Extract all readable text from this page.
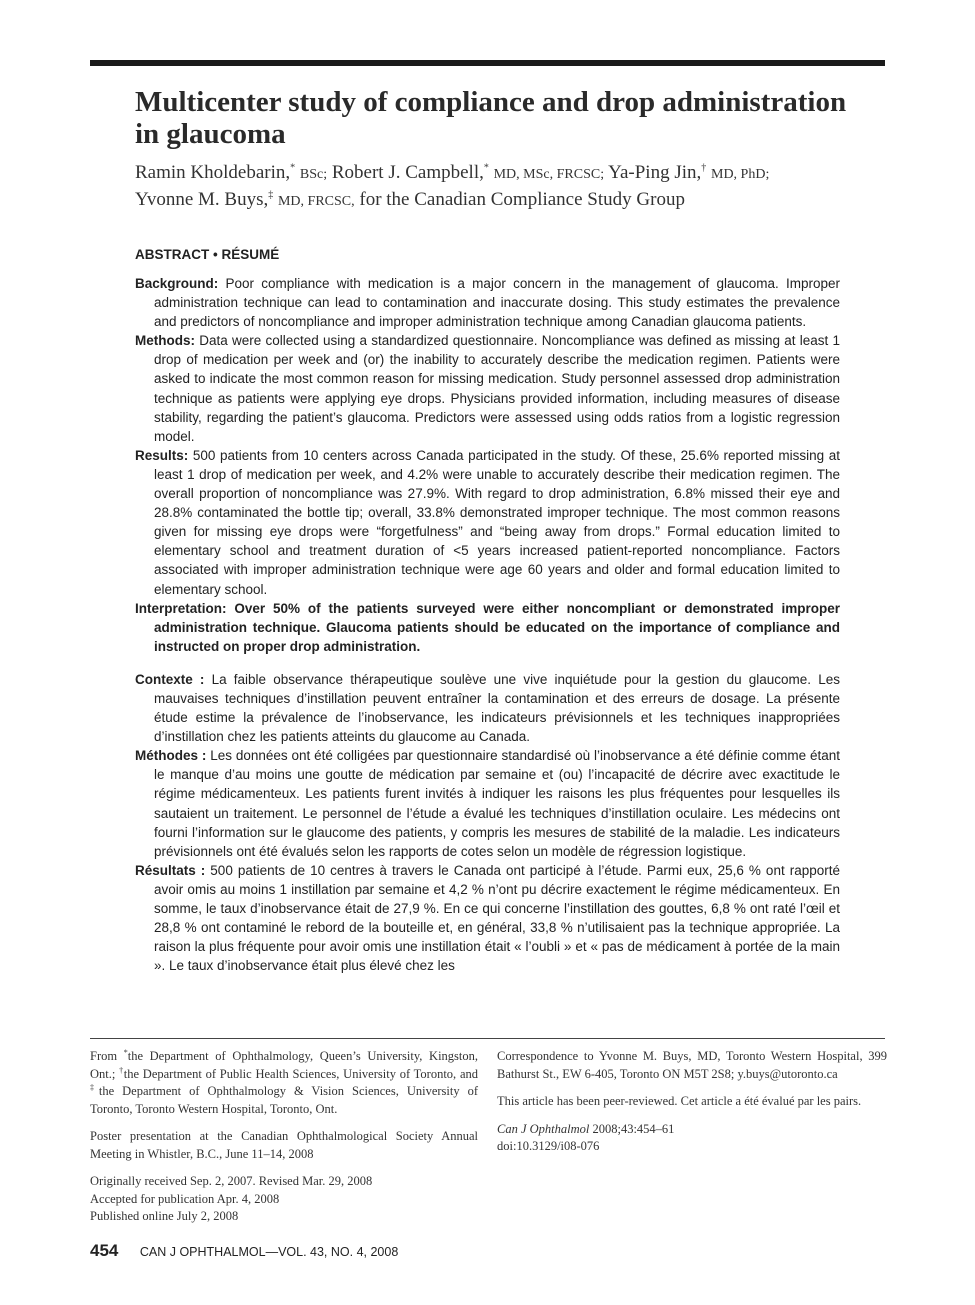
Multicenter study of compliance and drop administration in glaucoma
Ramin Kholdebarin,* BSc; Robert J. Campbell,* MD, MSc, FRCSC; Ya-Ping Jin,† MD, PhD;
Yvonne M. Buys,‡ MD, FRCSC, for the Canadian Compliance Study Group
ABSTRACT • RÉSUMÉ

Background: Poor compliance with medication is a major concern in the management of glaucoma. Improper administration technique can lead to contamination and inaccurate dosing. This study estimates the prevalence and predictors of noncompliance and improper administration technique among Canadian glaucoma patients.

Methods: Data were collected using a standardized questionnaire. Noncompliance was defined as missing at least 1 drop of medication per week and (or) the inability to accurately describe the medication regimen. Patients were asked to indicate the most common reason for missing medication. Study personnel assessed drop administration technique as patients were applying eye drops. Physicians provided information, including measures of disease stability, regarding the patient’s glaucoma. Predictors were assessed using odds ratios from a logistic regression model.

Results: 500 patients from 10 centers across Canada participated in the study. Of these, 25.6% reported missing at least 1 drop of medication per week, and 4.2% were unable to accurately describe their medication regimen. The overall proportion of noncompliance was 27.9%. With regard to drop administration, 6.8% missed their eye and 28.8% contaminated the bottle tip; overall, 33.8% demonstrated improper technique. The most common reasons given for missing eye drops were “forgetfulness” and “being away from drops.” Formal education limited to elementary school and treatment duration of <5 years increased patient-reported noncompliance. Factors associated with improper administration technique were age 60 years and older and formal education limited to elementary school.

Interpretation: Over 50% of the patients surveyed were either noncompliant or demonstrated improper administration technique. Glaucoma patients should be educated on the importance of compliance and instructed on proper drop administration.

Contexte : La faible observance thérapeutique soulève une vive inquiétude pour la gestion du glaucome. Les mauvaises techniques d’instillation peuvent entraîner la contamination et des erreurs de dosage. La présente étude estime la prévalence de l’inobservance, les indicateurs prévisionnels et les techniques inappropriées d’instillation chez les patients atteints du glaucome au Canada.

Méthodes : Les données ont été colligées par questionnaire standardisé où l’inobservance a été définie comme étant le manque d’au moins une goutte de médication par semaine et (ou) l’incapacité de décrire avec exactitude le régime médicamenteux. Les patients furent invités à indiquer les raisons les plus fréquentes pour lesquelles ils sautaient un traitement. Le personnel de l’étude a évalué les techniques d’instillation oculaire. Les médecins ont fourni l’information sur le glaucome des patients, y compris les mesures de stabilité de la maladie. Les indicateurs prévisionnels ont été évalués selon les rapports de cotes selon un modèle de régression logistique.

Résultats : 500 patients de 10 centres à travers le Canada ont participé à l’étude. Parmi eux, 25,6 % ont rapporté avoir omis au moins 1 instillation par semaine et 4,2 % n’ont pu décrire exactement le régime médicamenteux. En somme, le taux d’inobservance était de 27,9 %. En ce qui concerne l’instillation des gouttes, 6,8 % ont raté l’œil et 28,8 % ont contaminé le rebord de la bouteille et, en général, 33,8 % n’utilisaient pas la technique appropriée. La raison la plus fréquente pour avoir omis une instillation était « l’oubli » et « pas de médicament à portée de la main ». Le taux d’inobservance était plus élevé chez les

From *the Department of Ophthalmology, Queen’s University, Kingston, Ont.; †the Department of Public Health Sciences, University of Toronto, and ‡the Department of Ophthalmology & Vision Sciences, University of Toronto, Toronto Western Hospital, Toronto, Ont.

Poster presentation at the Canadian Ophthalmological Society Annual Meeting in Whistler, B.C., June 11–14, 2008

Originally received Sep. 2, 2007. Revised Mar. 29, 2008
Accepted for publication Apr. 4, 2008
Published online July 2, 2008

Correspondence to Yvonne M. Buys, MD, Toronto Western Hospital, 399 Bathurst St., EW 6-405, Toronto ON M5T 2S8; y.buys@utoronto.ca

This article has been peer-reviewed. Cet article a été évalué par les pairs.

Can J Ophthalmol 2008;43:454–61
doi:10.3129/i08-076

454 CAN J OPHTHALMOL—VOL. 43, NO. 4, 2008
